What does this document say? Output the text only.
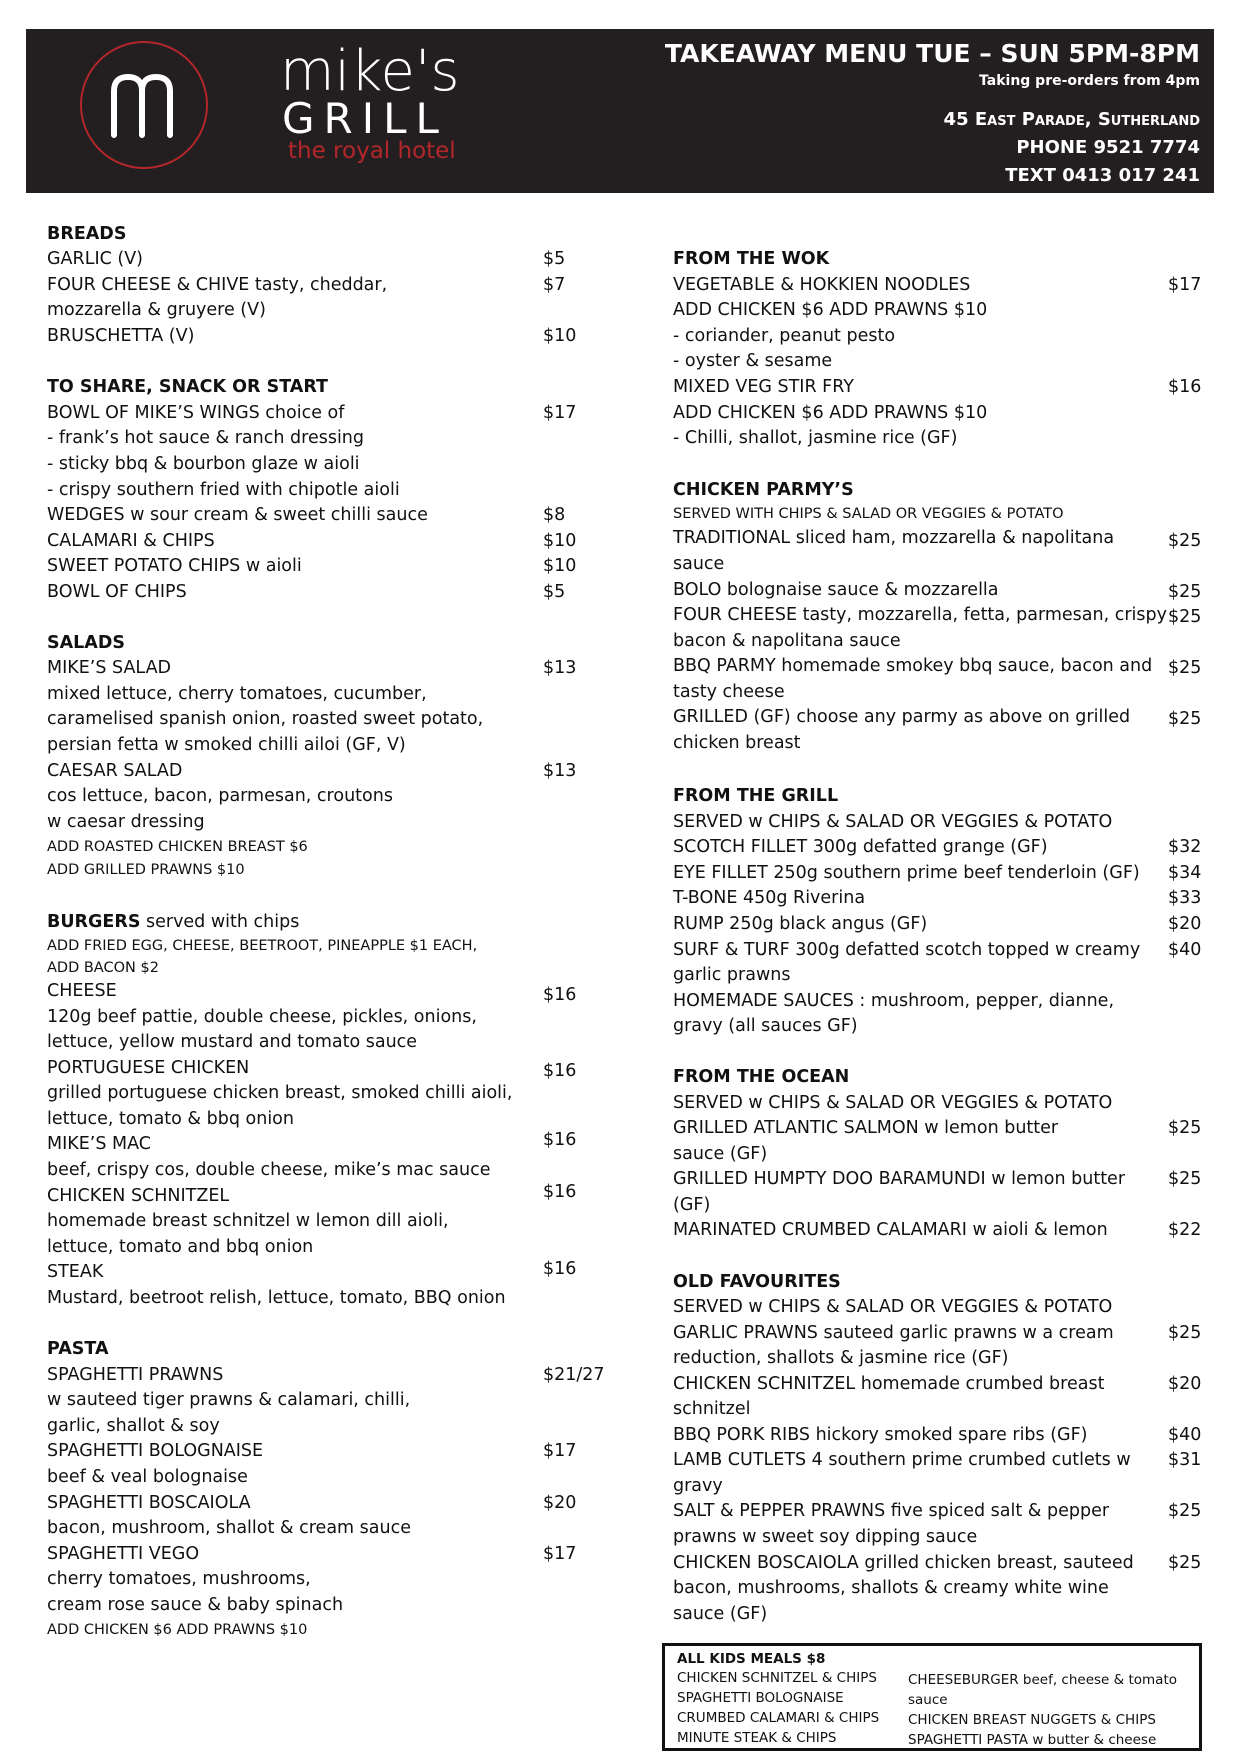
mike's
GRILL
the royal hotel
TAKEAWAY MENU TUE – SUN 5PM-8PM
Taking pre-orders from 4pm
45 East Parade, Sutherland
PHONE 9521 7774
TEXT 0413 017 241
BREADS
GARLIC (V)	$5
FOUR CHEESE & CHIVE tasty, cheddar,	$7
mozzarella & gruyere (V)
BRUSCHETTA (V)	$10
TO SHARE, SNACK OR START
BOWL OF MIKE’S WINGS choice of	$17
- frank’s hot sauce & ranch dressing
- sticky bbq & bourbon glaze w aioli
- crispy southern fried with chipotle aioli
WEDGES w sour cream & sweet chilli sauce	$8
CALAMARI & CHIPS	$10
SWEET POTATO CHIPS w aioli	$10
BOWL OF CHIPS	$5
SALADS
MIKE’S SALAD	$13
mixed lettuce, cherry tomatoes, cucumber,
caramelised spanish onion, roasted sweet potato,
persian fetta w smoked chilli ailoi (GF, V)
CAESAR SALAD	$13
cos lettuce, bacon, parmesan, croutons
w caesar dressing
ADD ROASTED CHICKEN BREAST $6
ADD GRILLED PRAWNS $10
BURGERS served with chips
ADD FRIED EGG, CHEESE, BEETROOT, PINEAPPLE $1 EACH,
ADD BACON $2
CHEESE	$16
120g beef pattie, double cheese, pickles, onions,
lettuce, yellow mustard and tomato sauce
PORTUGUESE CHICKEN	$16
grilled portuguese chicken breast, smoked chilli aioli,
lettuce, tomato & bbq onion
MIKE’S MAC	$16
beef, crispy cos, double cheese, mike’s mac sauce
CHICKEN SCHNITZEL	$16
homemade breast schnitzel w lemon dill aioli,
lettuce, tomato and bbq onion
STEAK	$16
Mustard, beetroot relish, lettuce, tomato, BBQ onion
PASTA
SPAGHETTI PRAWNS	$21/27
w sauteed tiger prawns & calamari, chilli,
garlic, shallot & soy
SPAGHETTI BOLOGNAISE	$17
beef & veal bolognaise
SPAGHETTI BOSCAIOLA	$20
bacon, mushroom, shallot & cream sauce
SPAGHETTI VEGO	$17
cherry tomatoes, mushrooms,
cream rose sauce & baby spinach
ADD CHICKEN $6 ADD PRAWNS $10
FROM THE WOK
VEGETABLE & HOKKIEN NOODLES	$17
ADD CHICKEN $6 ADD PRAWNS $10
- coriander, peanut pesto
- oyster & sesame
MIXED VEG STIR FRY	$16
ADD CHICKEN $6 ADD PRAWNS $10
- Chilli, shallot, jasmine rice (GF)
CHICKEN PARMY’S
SERVED WITH CHIPS & SALAD OR VEGGIES & POTATO
TRADITIONAL sliced ham, mozzarella & napolitana	$25
sauce
BOLO bolognaise sauce & mozzarella	$25
FOUR CHEESE tasty, mozzarella, fetta, parmesan, crispy $25
bacon & napolitana sauce
BBQ PARMY homemade smokey bbq sauce, bacon and $25
tasty cheese
GRILLED (GF) choose any parmy as above on grilled $25
chicken breast
FROM THE GRILL
SERVED w CHIPS & SALAD OR VEGGIES & POTATO
SCOTCH FILLET 300g defatted grange (GF)	$32
EYE FILLET 250g southern prime beef tenderloin (GF) $34
T-BONE 450g Riverina	$33
RUMP 250g black angus (GF)	$20
SURF & TURF 300g defatted scotch topped w creamy $40
garlic prawns
HOMEMADE SAUCES : mushroom, pepper, dianne,
gravy (all sauces GF)
FROM THE OCEAN
SERVED w CHIPS & SALAD OR VEGGIES & POTATO
GRILLED ATLANTIC SALMON w lemon butter	$25
sauce (GF)
GRILLED HUMPTY DOO BARAMUNDI w lemon butter $25
(GF)
MARINATED CRUMBED CALAMARI w aioli & lemon	$22
OLD FAVOURITES
SERVED w CHIPS & SALAD OR VEGGIES & POTATO
GARLIC PRAWNS sauteed garlic prawns w a cream	$25
reduction, shallots & jasmine rice (GF)
CHICKEN SCHNITZEL homemade crumbed breast	$20
schnitzel
BBQ PORK RIBS hickory smoked spare ribs (GF)	$40
LAMB CUTLETS 4 southern prime crumbed cutlets w $31
gravy
SALT & PEPPER PRAWNS five spiced salt & pepper	$25
prawns w sweet soy dipping sauce
CHICKEN BOSCAIOLA grilled chicken breast, sauteed $25
bacon, mushrooms, shallots & creamy white wine
sauce (GF)
ALL KIDS MEALS $8
CHICKEN SCHNITZEL & CHIPS
SPAGHETTI BOLOGNAISE
CRUMBED CALAMARI & CHIPS
MINUTE STEAK & CHIPS
CHEESEBURGER beef, cheese & tomato
sauce
CHICKEN BREAST NUGGETS & CHIPS
SPAGHETTI PASTA w butter & cheese
